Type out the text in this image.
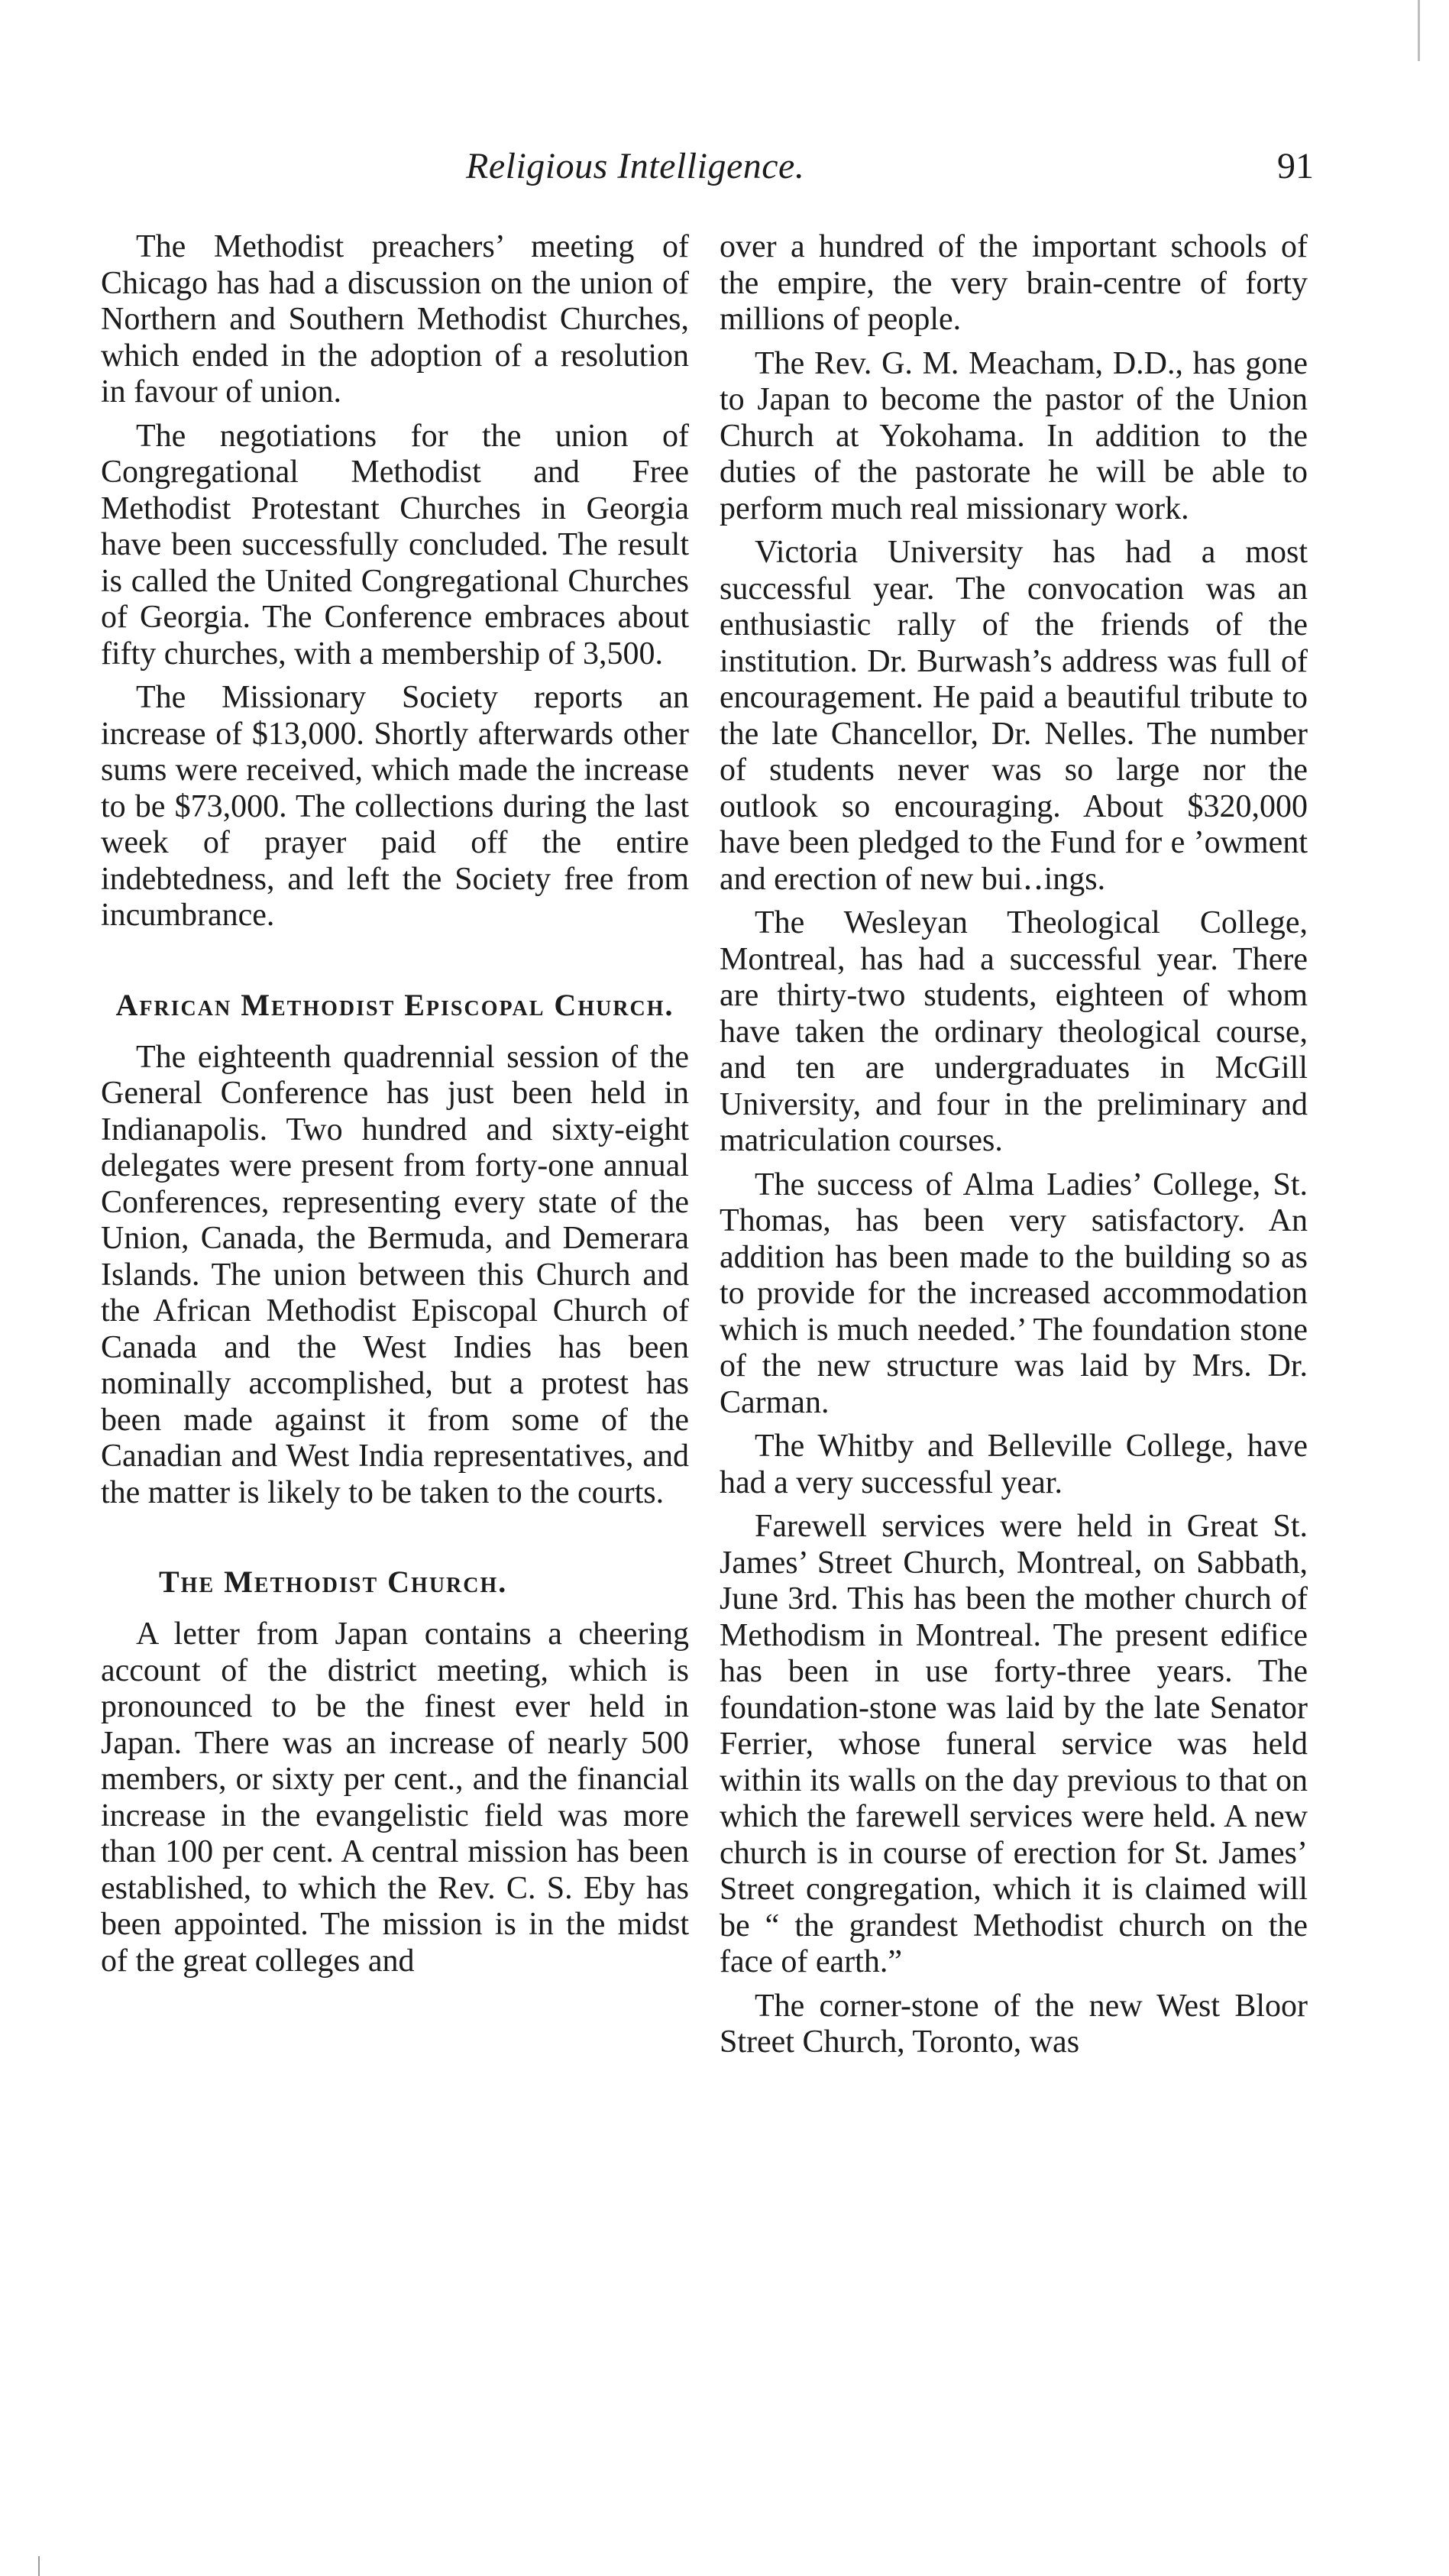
Religious Intelligence.	91

The Methodist preachers’ meeting of Chicago has had a discussion on the union of Northern and Southern Methodist Churches, which ended in the adoption of a resolution in favour of union.

The negotiations for the union of Congregational Methodist and Free Methodist Protestant Churches in Georgia have been successfully concluded. The result is called the United Congregational Churches of Georgia. The Conference embraces about fifty churches, with a membership of 3,500.

The Missionary Society reports an increase of $13,000. Shortly afterwards other sums were received, which made the increase to be $73,000. The collections during the last week of prayer paid off the entire indebtedness, and left the Society free from incumbrance.

African Methodist Episcopal Church.

The eighteenth quadrennial session of the General Conference has just been held in Indianapolis. Two hundred and sixty-eight delegates were present from forty-one annual Conferences, representing every state of the Union, Canada, the Bermuda, and Demerara Islands. The union between this Church and the African Methodist Episcopal Church of Canada and the West Indies has been nominally accomplished, but a protest has been made against it from some of the Canadian and West India representatives, and the matter is likely to be taken to the courts.

The Methodist Church.

A letter from Japan contains a cheering account of the district meeting, which is pronounced to be the finest ever held in Japan. There was an increase of nearly 500 members, or sixty per cent., and the financial increase in the evangelistic field was more than 100 per cent. A central mission has been established, to which the Rev. C. S. Eby has been appointed. The mission is in the midst of the great colleges and

over a hundred of the important schools of the empire, the very brain-centre of forty millions of people.

The Rev. G. M. Meacham, D.D., has gone to Japan to become the pastor of the Union Church at Yokohama. In addition to the duties of the pastorate he will be able to perform much real missionary work.

Victoria University has had a most successful year. The convocation was an enthusiastic rally of the friends of the institution. Dr. Burwash’s address was full of encouragement. He paid a beautiful tribute to the late Chancellor, Dr. Nelles. The number of students never was so large nor the outlook so encouraging. About $320,000 have been pledged to the Fund for e ’owment and erection of new bui․․ings.

The Wesleyan Theological College, Montreal, has had a successful year. There are thirty-two students, eighteen of whom have taken the ordinary theological course, and ten are undergraduates in McGill University, and four in the preliminary and matriculation courses.

The success of Alma Ladies’ College, St. Thomas, has been very satisfactory. An addition has been made to the building so as to provide for the increased accommodation which is much needed.’ The foundation stone of the new structure was laid by Mrs. Dr. Carman.

The Whitby and Belleville College, have had a very successful year.

Farewell services were held in Great St. James’ Street Church, Montreal, on Sabbath, June 3rd. This has been the mother church of Methodism in Montreal. The present edifice has been in use forty-three years. The foundation-stone was laid by the late Senator Ferrier, whose funeral service was held within its walls on the day previous to that on which the farewell services were held. A new church is in course of erection for St. James’ Street congregation, which it is claimed will be “ the grandest Methodist church on the face of earth.”

The corner-stone of the new West Bloor Street Church, Toronto, was
